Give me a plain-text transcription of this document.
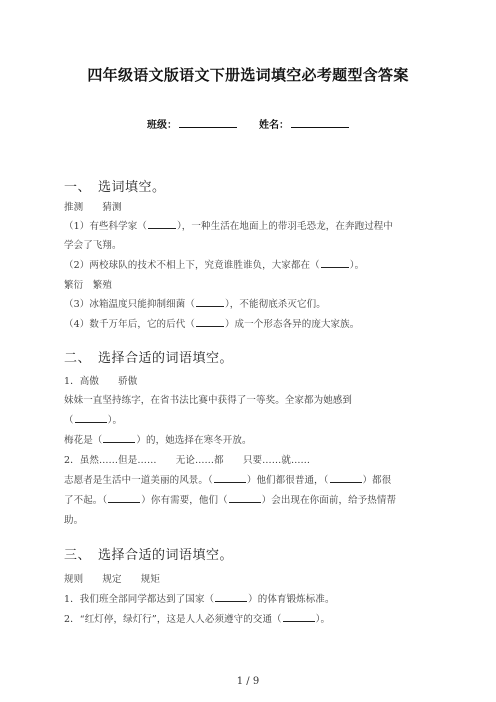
四年级语文版语文下册选词填空必考题型含答案
班级：	姓名：
一、　选词填空。
推测　　猜测
（1）有些科学家（	），一种生活在地面上的带羽毛恐龙，在奔跑过程中
学会了飞翔。
（2）两校球队的技术不相上下，究竟谁胜谁负，大家都在（	）。
繁衍　繁殖
（3）冰箱温度只能抑制细菌（	），不能彻底杀灭它们。
（4）数千万年后，它的后代（	）成一个形态各异的庞大家族。
二、　选择合适的词语填空。
1．高傲　　骄傲
妹妹一直坚持练字，在省书法比赛中获得了一等奖。全家都为她感到
（	）。
梅花是（	）的，她选择在寒冬开放。
2．虽然……但是……　　无论……都　　只要……就……
志愿者是生活中一道美丽的风景。（	）他们都很普通，（	）都很
了不起。（	）你有需要，他们（	）会出现在你面前，给予热情帮
助。
三、　选择合适的词语填空。
规则　　规定　　规矩
1．我们班全部同学都达到了国家（	）的体育锻炼标准。
2．“红灯停，绿灯行”，这是人人必须遵守的交通（	）。
1 / 9
